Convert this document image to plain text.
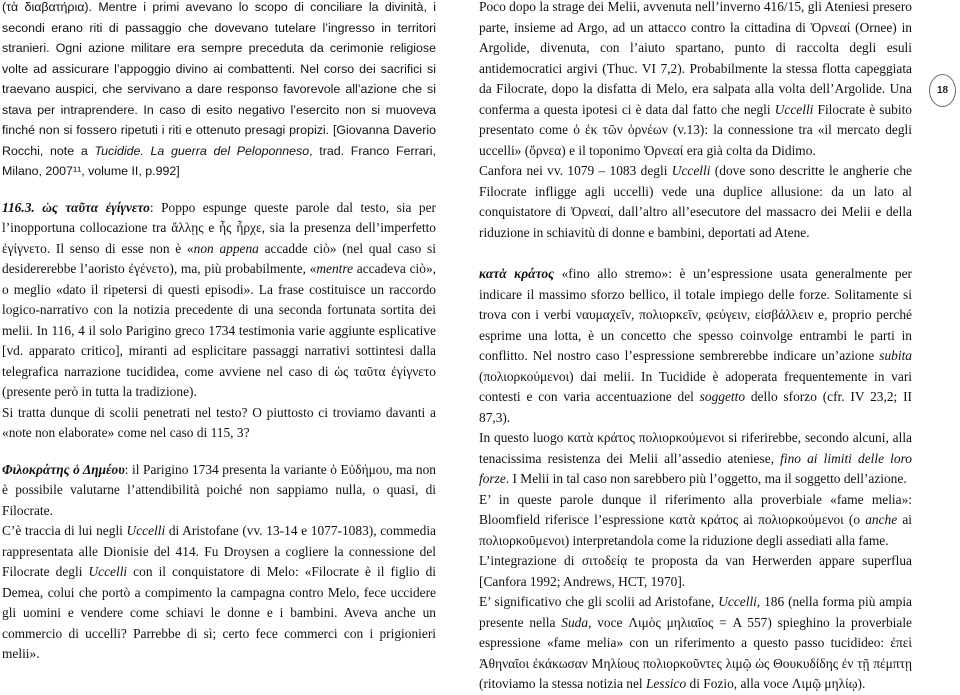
(τὰ διαβατήρια). Mentre i primi avevano lo scopo di conciliare la divinità, i secondi erano riti di passaggio che dovevano tutelare l’ingresso in territori stranieri. Ogni azione militare era sempre preceduta da cerimonie religiose volte ad assicurare l’appoggio divino ai combattenti. Nel corso dei sacrifici si traevano auspici, che servivano a dare responso favorevole all’azione che si stava per intraprendere. In caso di esito negativo l’esercito non si muoveva finché non si fossero ripetuti i riti e ottenuto presagi propizi. [Giovanna Daverio Rocchi, note a Tucidide. La guerra del Peloponneso, trad. Franco Ferrari, Milano, 2007¹¹, volume II, p.992]

116.3. ὡς ταῦτα ἐγίγνετο: Poppo espunge queste parole dal testo, sia per l’inopportuna collocazione tra ἄλλῃς e ἦς ἦρχε, sia la presenza dell’imperfetto ἐγίγνετο. Il senso di esse non è «non appena accadde ciò» (nel qual caso si desidererebbe l’aoristo ἐγένετο), ma, più probabilmente, «mentre accadeva ciò», o meglio «dato il ripetersi di questi episodi». La frase costituisce un raccordo logico-narrativo con la notizia precedente di una seconda fortunata sortita dei melii. In 116, 4 il solo Parigino greco 1734 testimonia varie aggiunte esplicative [vd. apparato critico], miranti ad esplicitare passaggi narrativi sottintesi dalla telegrafica narrazione tucididea, come avviene nel caso di ὡς ταῦτα ἐγίγνετο (presente però in tutta la tradizione).

Si tratta dunque di scolii penetrati nel testo? O piuttosto ci troviamo davanti a «note non elaborate» come nel caso di 115, 3?

Φιλοκράτης ὁ Δημέου: il Parigino 1734 presenta la variante ὁ Εὐδήμου, ma non è possibile valutarne l’attendibilità poiché non sappiamo nulla, o quasi, di Filocrate.

C’è traccia di lui negli Uccelli di Aristofane (vv. 13-14 e 1077-1083), commedia rappresentata alle Dionisie del 414. Fu Droysen a cogliere la connessione del Filocrate degli Uccelli con il conquistatore di Melo: «Filocrate è il figlio di Demea, colui che portò a compimento la campagna contro Melo, fece uccidere gli uomini e vendere come schiavi le donne e i bambini. Aveva anche un commercio di uccelli? Parrebbe di sì; certo fece commerci con i prigionieri melii».

Poco dopo la strage dei Melii, avvenuta nell’inverno 416/15, gli Ateniesi presero parte, insieme ad Argo, ad un attacco contro la cittadina di Ὀρνεαί (Ornee) in Argolide, divenuta, con l’aiuto spartano, punto di raccolta degli esuli antidemocratici argivi (Thuc. VI 7,2). Probabilmente la stessa flotta capeggiata da Filocrate, dopo la disfatta di Melo, era salpata alla volta dell’Argolide. Una conferma a questa ipotesi ci è data dal fatto che negli Uccelli Filocrate è subito presentato come ὁ ἐκ τῶν ὀρνέων (v.13): la connessione tra «il mercato degli uccelli» (ὄρνεα) e il toponimo Ὀρνεαί era già colta da Didimo.

Canfora nei vv. 1079 – 1083 degli Uccelli (dove sono descritte le angherie che Filocrate infligge agli uccelli) vede una duplice allusione: da un lato al conquistatore di Ὀρνεαί, dall’altro all’esecutore del massacro dei Melii e della riduzione in schiavitù di donne e bambini, deportati ad Atene.

κατὰ κράτος «fino allo stremo»: è un’espressione usata generalmente per indicare il massimo sforzo bellico, il totale impiego delle forze. Solitamente si trova con i verbi ναυμαχεῖν, πολιορκεῖν, φεύγειν, εἰσβάλλειν e, proprio perché esprime una lotta, è un concetto che spesso coinvolge entrambi le parti in conflitto. Nel nostro caso l’espressione sembrerebbe indicare un’azione subita (πολιορκούμενοι) dai melii. In Tucidide è adoperata frequentemente in vari contesti e con varia accentuazione del soggetto dello sforzo (cfr. IV 23,2; II 87,3).

In questo luogo κατὰ κράτος πολιορκούμενοι si riferirebbe, secondo alcuni, alla tenacissima resistenza dei Melii all’assedio ateniese, fino ai limiti delle loro forze. I Melii in tal caso non sarebbero più l’oggetto, ma il soggetto dell’azione.

E’ in queste parole dunque il riferimento alla proverbiale «fame melia»: Bloomfield riferisce l’espressione κατὰ κράτος ai πολιορκούμενοι (o anche ai πολιορκοῦμενοι) interpretandola come la riduzione degli assediati alla fame.

L’integrazione di σιτοδείᾳ te proposta da van Herwerden appare superflua [Canfora 1992; Andrews, HCT, 1970].

E’ significativo che gli scolii ad Aristofane, Uccelli, 186 (nella forma più ampia presente nella Suda, voce Λιμὸς μηλιαῖος = A 557) spieghino la proverbiale espressione «fame melia» con un riferimento a questo passo tucidideo: ἐπεὶ Ἀθηναῖοι ἐκάκωσαν Μηλίους πολιορκοῦντες λιμῷ ὡς Θουκυδίδης ἐν τῇ πέμπτῃ (ritoviamo la stessa notizia nel Lessico di Fozio, alla voce Λιμῷ μηλίῳ).

18
